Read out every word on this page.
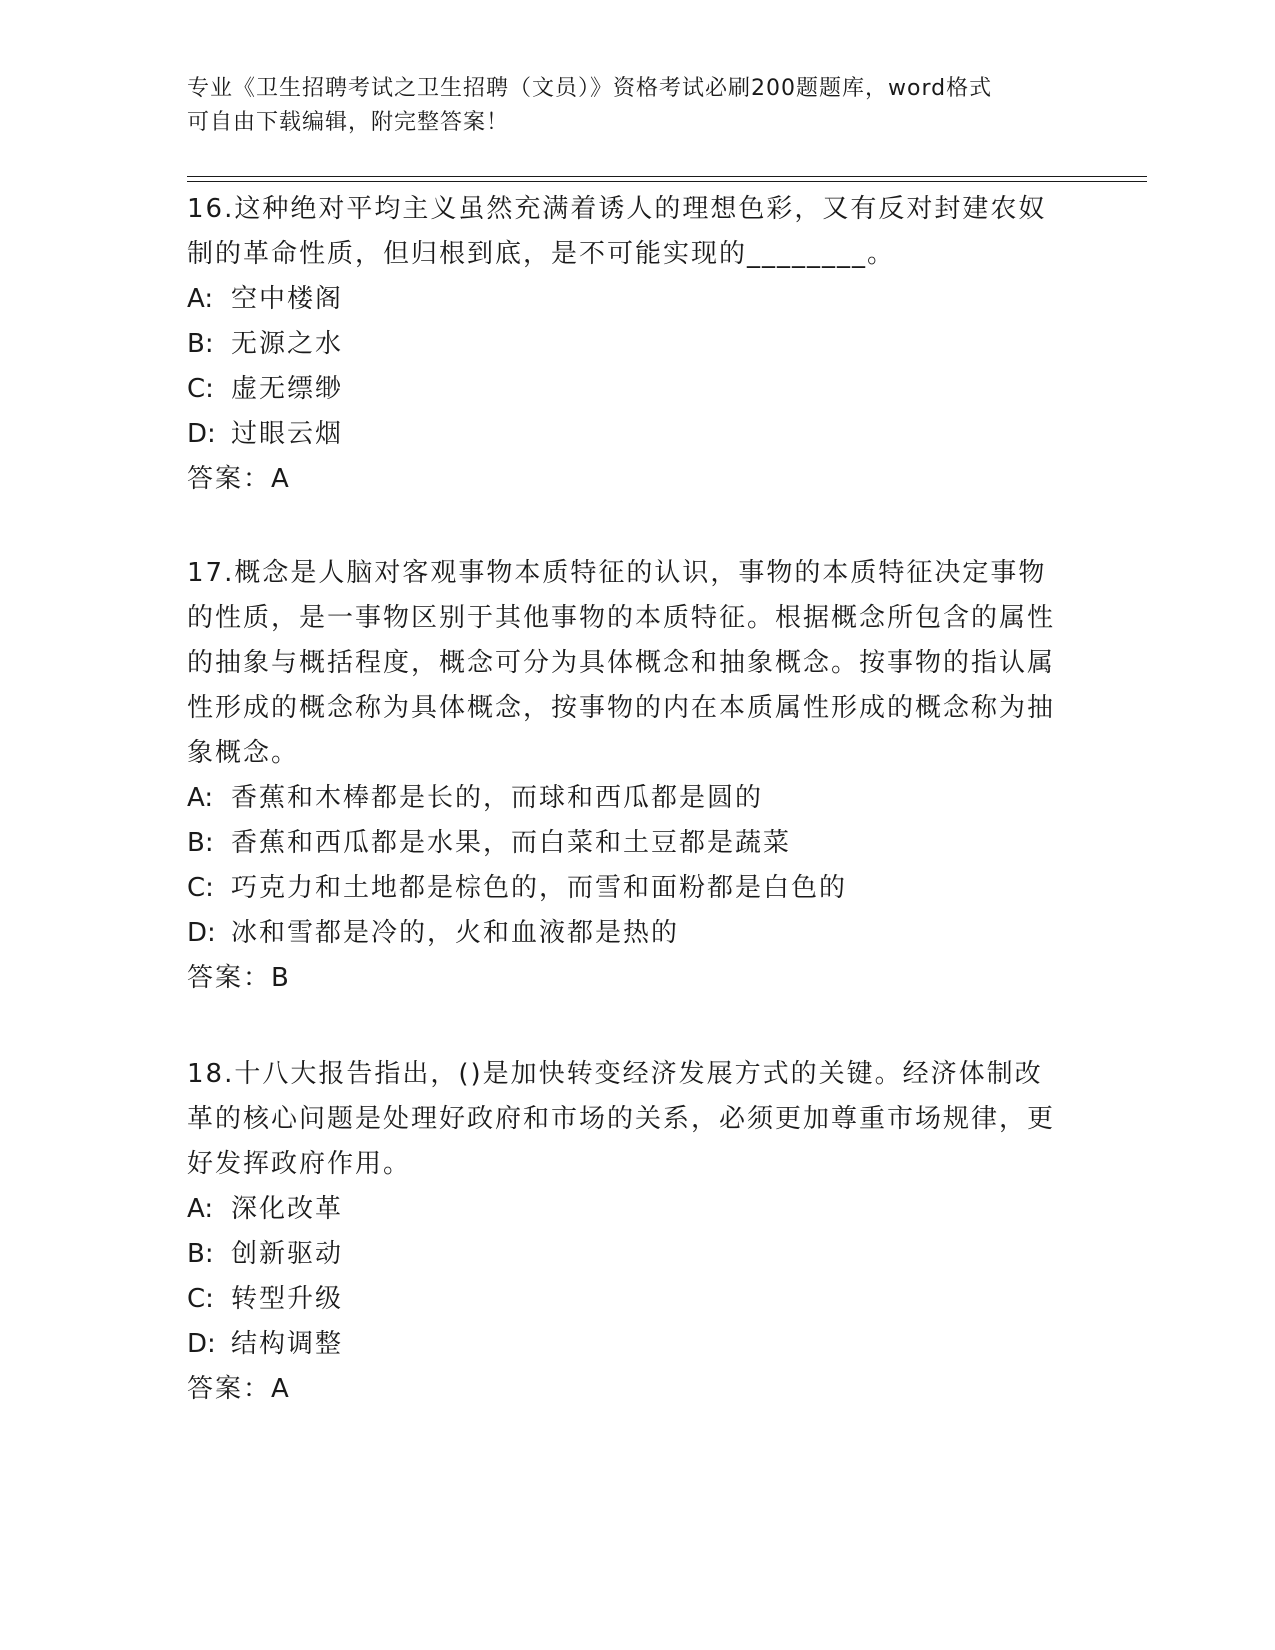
专业《卫生招聘考试之卫生招聘（文员）》资格考试必刷200题题库，word格式
可自由下载编辑，附完整答案！

16.这种绝对平均主义虽然充满着诱人的理想色彩，又有反对封建农奴制的革命性质，但归根到底，是不可能实现的________。

A: 空中楼阁

B: 无源之水

C: 虚无缥缈

D: 过眼云烟

答案：A

17.概念是人脑对客观事物本质特征的认识，事物的本质特征决定事物的性质，是一事物区别于其他事物的本质特征。根据概念所包含的属性的抽象与概括程度，概念可分为具体概念和抽象概念。按事物的指认属性形成的概念称为具体概念，按事物的内在本质属性形成的概念称为抽象概念。

A: 香蕉和木棒都是长的，而球和西瓜都是圆的

B: 香蕉和西瓜都是水果，而白菜和土豆都是蔬菜

C: 巧克力和土地都是棕色的，而雪和面粉都是白色的

D: 冰和雪都是冷的，火和血液都是热的

答案：B

18.十八大报告指出，()是加快转变经济发展方式的关键。经济体制改革的核心问题是处理好政府和市场的关系，必须更加尊重市场规律，更好发挥政府作用。

A: 深化改革

B: 创新驱动

C: 转型升级

D: 结构调整

答案：A
